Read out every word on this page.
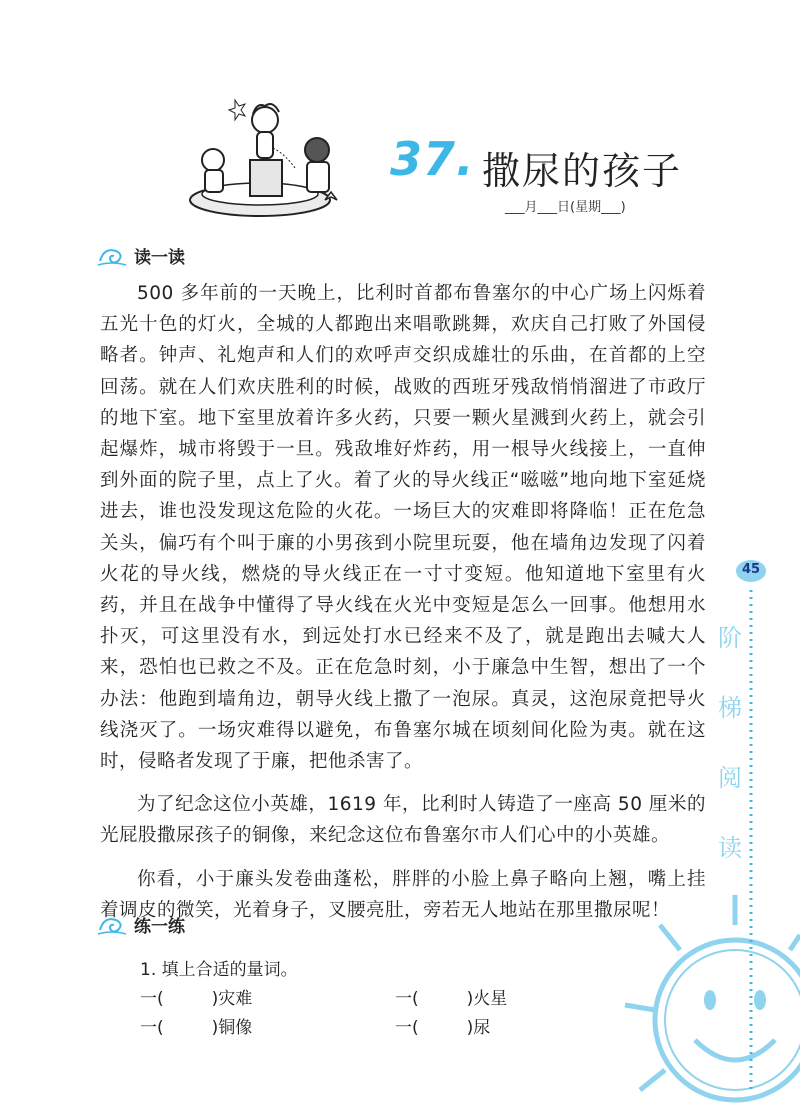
37. 撒尿的孩子
___月___日(星期___)
读一读

500 多年前的一天晚上，比利时首都布鲁塞尔的中心广场上闪烁着五光十色的灯火，全城的人都跑出来唱歌跳舞，欢庆自己打败了外国侵略者。钟声、礼炮声和人们的欢呼声交织成雄壮的乐曲，在首都的上空回荡。就在人们欢庆胜利的时候，战败的西班牙残敌悄悄溜进了市政厅的地下室。地下室里放着许多火药，只要一颗火星溅到火药上，就会引起爆炸，城市将毁于一旦。残敌堆好炸药，用一根导火线接上，一直伸到外面的院子里，点上了火。着了火的导火线正“嗞嗞”地向地下室延烧进去，谁也没发现这危险的火花。一场巨大的灾难即将降临！正在危急关头，偏巧有个叫于廉的小男孩到小院里玩耍，他在墙角边发现了闪着火花的导火线，燃烧的导火线正在一寸寸变短。他知道地下室里有火药，并且在战争中懂得了导火线在火光中变短是怎么一回事。他想用水扑灭，可这里没有水，到远处打水已经来不及了，就是跑出去喊大人来，恐怕也已救之不及。正在危急时刻，小于廉急中生智，想出了一个办法：他跑到墙角边，朝导火线上撒了一泡尿。真灵，这泡尿竟把导火线浇灭了。一场灾难得以避免，布鲁塞尔城在顷刻间化险为夷。就在这时，侵略者发现了于廉，把他杀害了。

为了纪念这位小英雄，1619 年，比利时人铸造了一座高 50 厘米的光屁股撒尿孩子的铜像，来纪念这位布鲁塞尔市人们心中的小英雄。

你看，小于廉头发卷曲蓬松，胖胖的小脸上鼻子略向上翘，嘴上挂着调皮的微笑，光着身子，叉腰亮肚，旁若无人地站在那里撒尿呢！

练一练
1. 填上合适的量词。
一(	)灾难	一(	)火星
一(	)铜像	一(	)尿
45
阶
梯
阅
读
